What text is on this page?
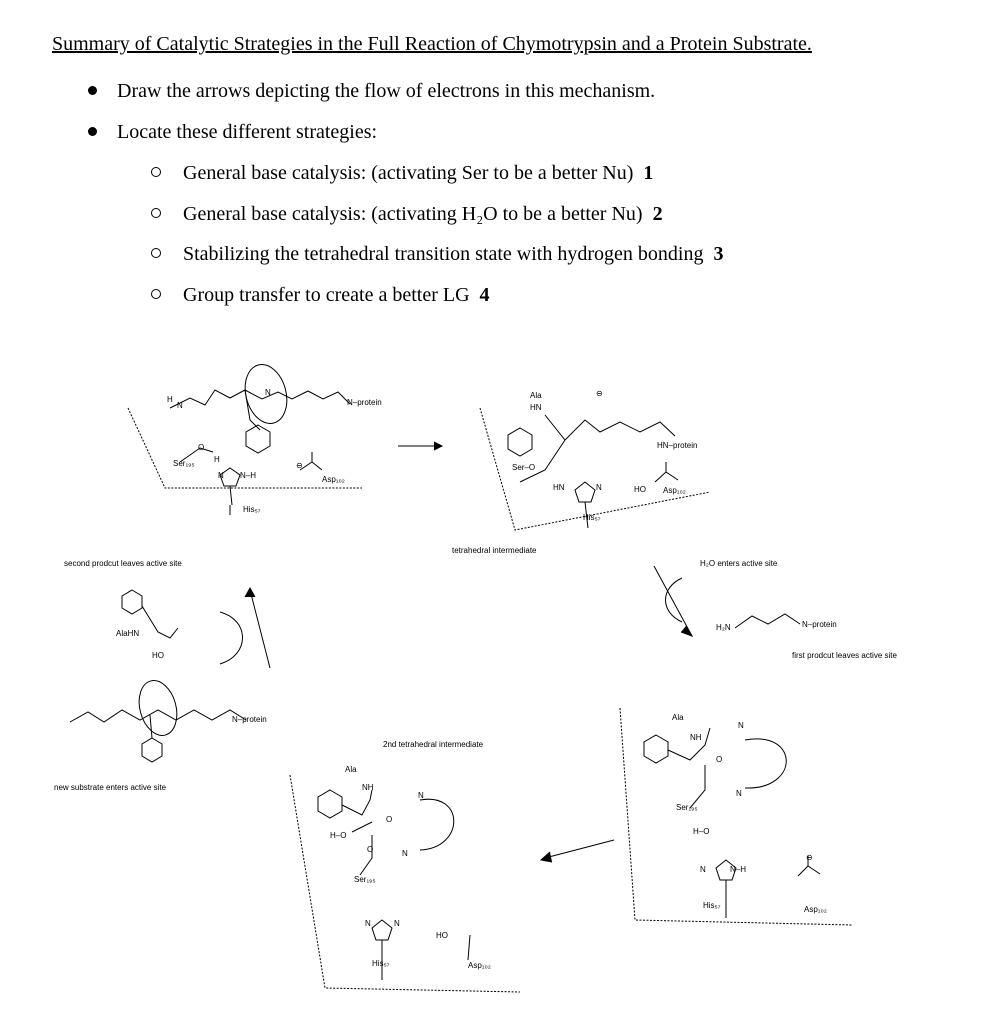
Summary of Catalytic Strategies in the Full Reaction of Chymotrypsin and a Protein Substrate.
Draw the arrows depicting the flow of electrons in this mechanism.
Locate these different strategies:
General base catalysis: (activating Ser to be a better Nu) 1
General base catalysis: (activating H₂O to be a better Nu) 2
Stabilizing the tetrahedral transition state with hydrogen bonding 3
Group transfer to create a better LG 4
H
N
N
N–protein
O
H
Ser₁₉₅
N N–H
His₅₇
⊖
Asp₁₀₂
Ala
HN
⊖
HN–protein
Ser–O
HN	N
His₅₇
HO Asp₁₀₂
tetrahedral intermediate
H₂O enters active site
H₂N	N–protein
first prodcut leaves active site
Ala
NH
N
O
N
Ser₁₉₅
H–O
N	N–H
His₅₇
⊖
Asp₁₀₂
2nd tetrahedral intermediate
Ala
NH
N
O
H–O
O	N
Ser₁₉₅
N	N
His₅₇
HO
Asp₁₀₂
second prodcut leaves active site
AlaHN
HO
N–protein
new substrate enters active site
